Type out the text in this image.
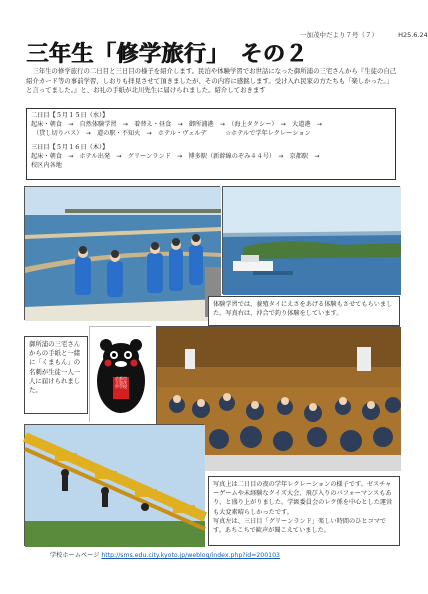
一加茂中だより７号（７）	H25.6.24
三年生「修学旅行」　その２
　三年生の修学旅行の二日目と三日目の様子を紹介します。民泊や体験学習でお世話になった御所浦の三宅さんから『生徒の自己紹介カード等の事前学習、しおりも拝見させて頂きましたが、その内容に感銘します。受け入れ民家の方たちも「楽しかった。」と言ってました。』と、お礼の手紙が北川先生に届けられました。紹介しておきます
二日目【５月１５日（水）】
起床・朝食　→　自然体験学習　→　着替え・昼食　→　御所浦港　→　（海上タクシー）　→　大道港　→
（貸し切りバス）　→　道の駅・不知火　→　ホテル・ヴェルデ　　　☆ホテルで学年レクレーション
三日目【５月１６日（木）】
起床・朝食　→　ホテル出発　→　グリーンランド　→　博多駅（新幹線のぞみ４４号）　→　京都駅　→
校区内各地
体験学習では、養殖タイにえさをあげる体験もさせてもらいました。写真右は、沖合で釣り体験をしています。
御所浦の三宅さんからの手紙と一緒に「くまもん」の名刺が生徒一人一人に届けられました。
京都市立加茂中学校
写真上は二日目の夜の学年レクレーションの様子です。ゼスチャーゲームや未経験なクイズ大会、飛び入りのパフォーマンスもあり、と盛り上がりました。学級委員会のレク係を中心とした運営も大変素晴らしかったです。
写真左は、三日目「グリーンランド」楽しい時間のひとコマです。あちこちで歓声が聞こえていました。
学校ホームページ http://sms.edu.city.kyoto.jp/weblog/index.php?id=200103
